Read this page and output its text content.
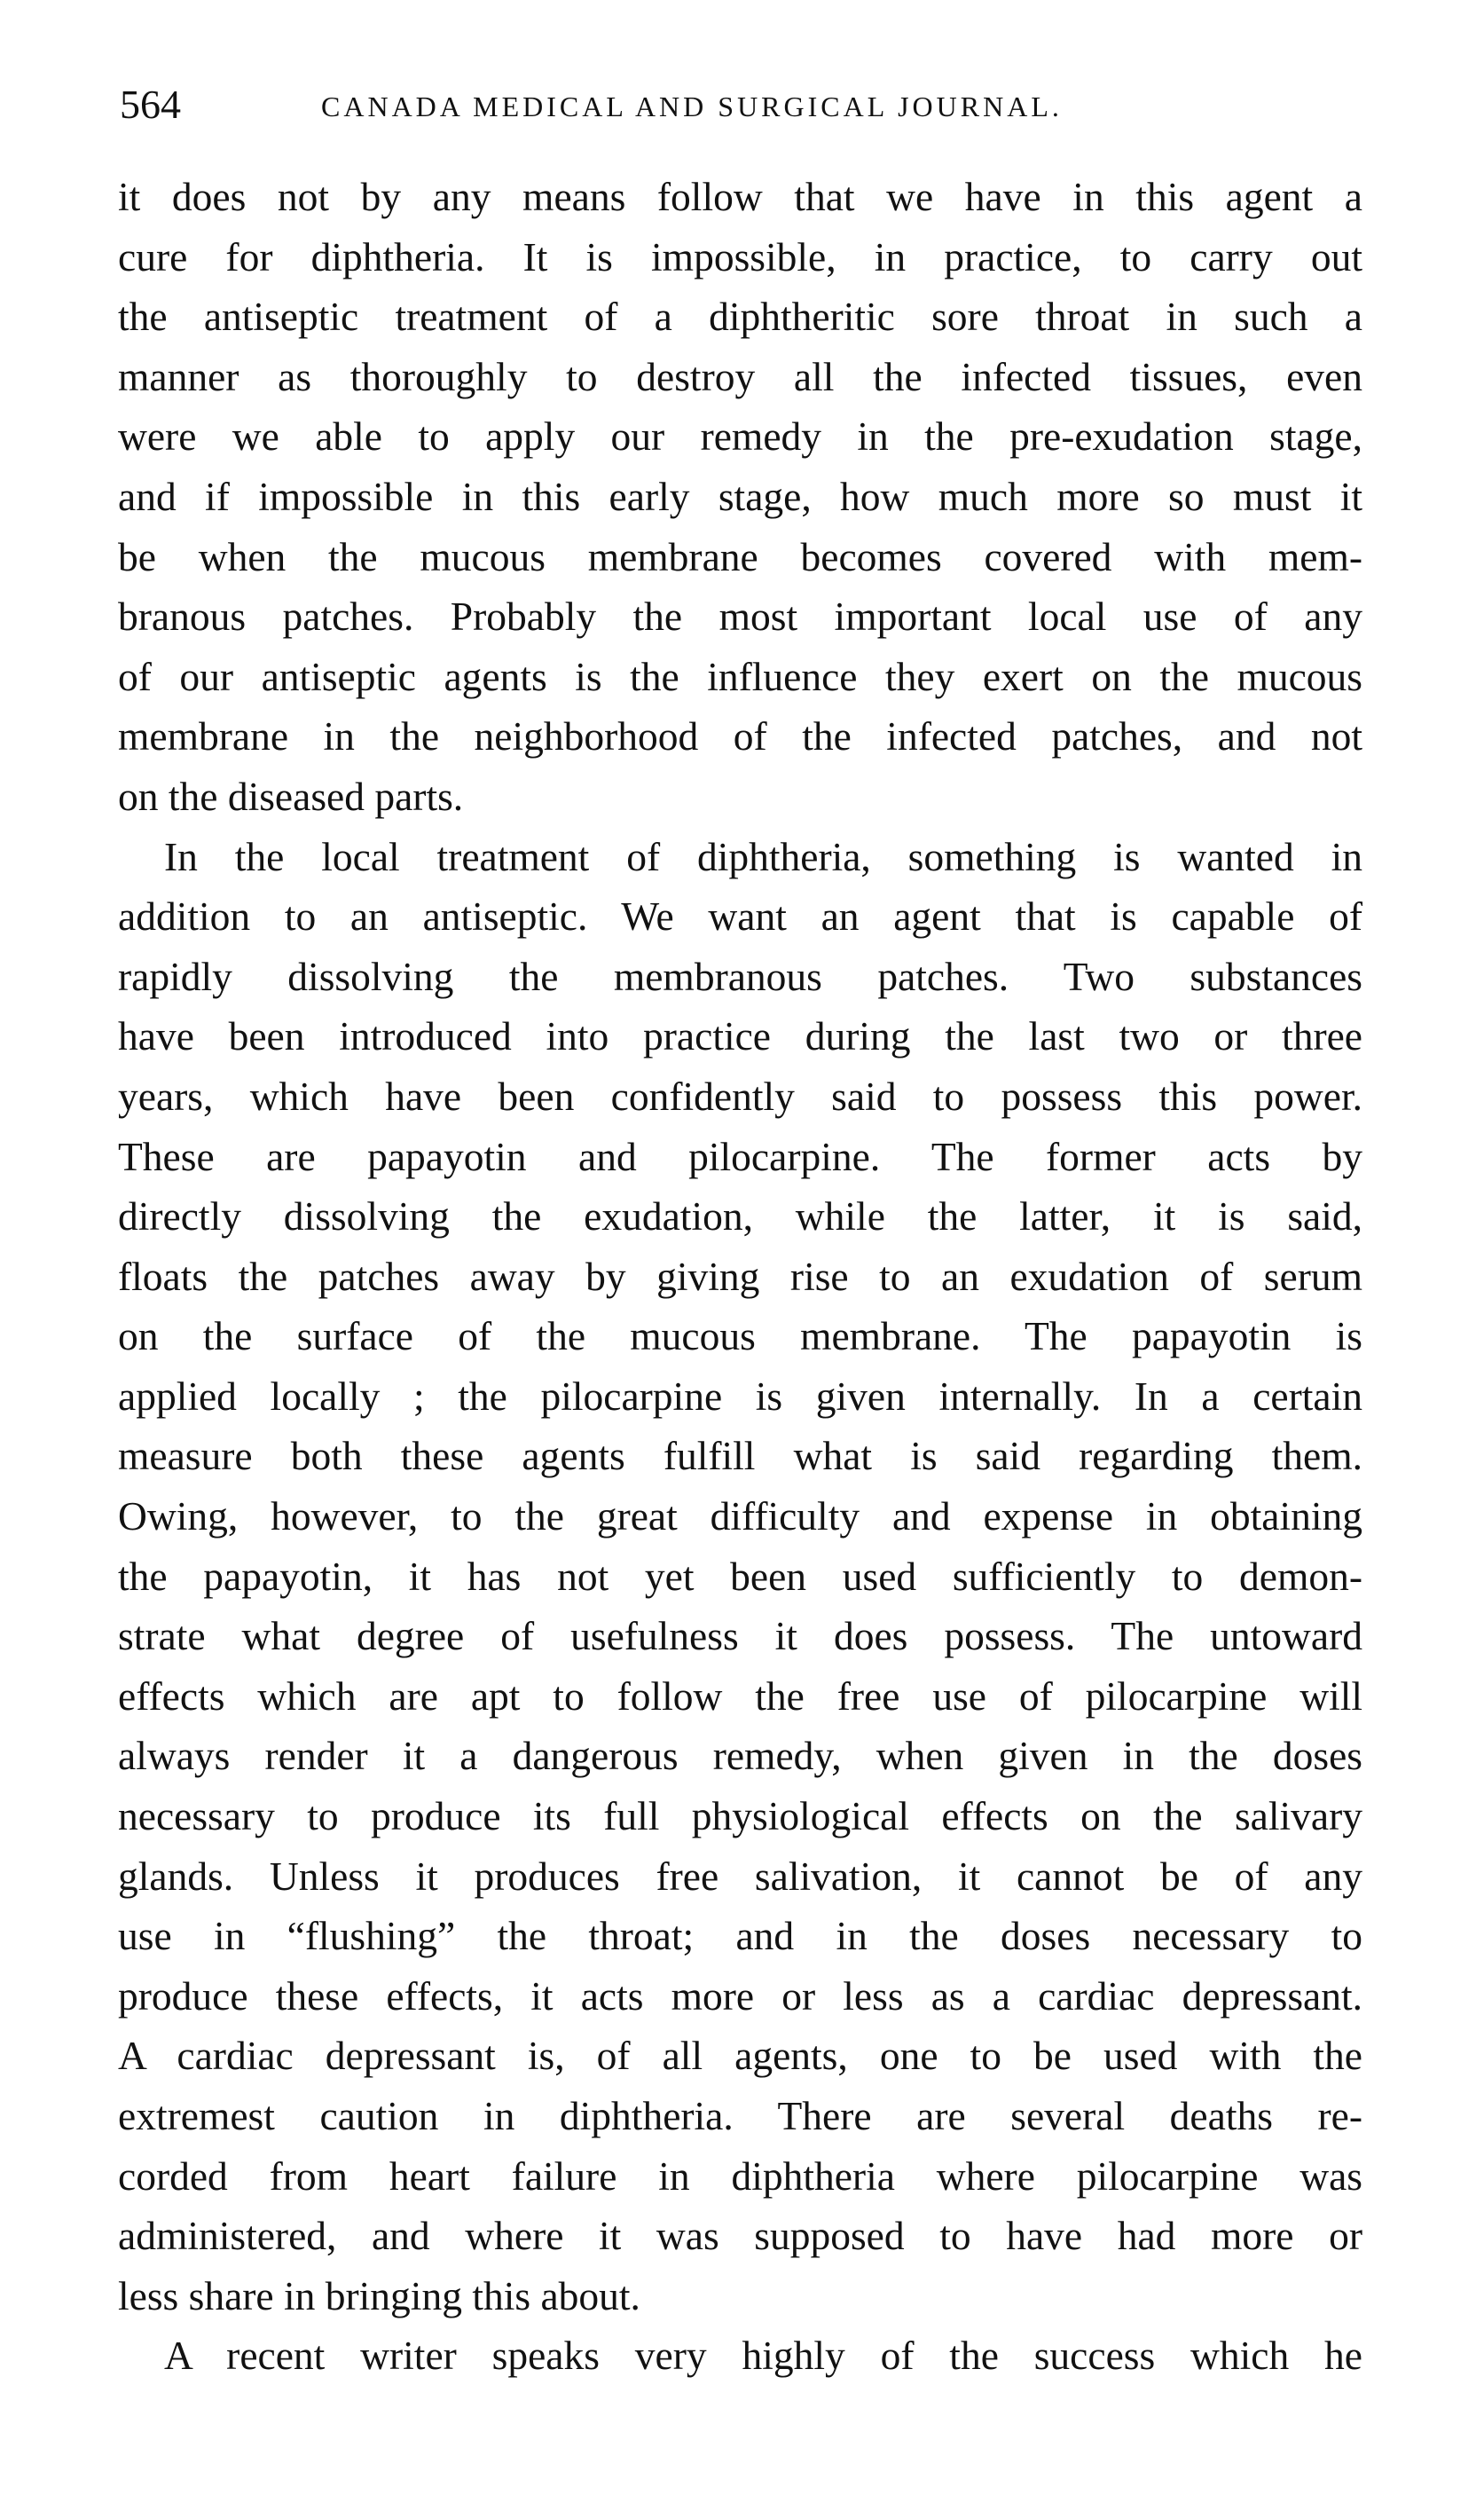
564	CANADA MEDICAL AND SURGICAL JOURNAL.
it does not by any means follow that we have in this agent a
cure for diphtheria. It is impossible, in practice, to carry out
the antiseptic treatment of a diphtheritic sore throat in such a
manner as thoroughly to destroy all the infected tissues, even
were we able to apply our remedy in the pre-exudation stage,
and if impossible in this early stage, how much more so must it
be when the mucous membrane becomes covered with mem-
branous patches. Probably the most important local use of any
of our antiseptic agents is the influence they exert on the mucous
membrane in the neighborhood of the infected patches, and not
on the diseased parts.
In the local treatment of diphtheria, something is wanted in
addition to an antiseptic. We want an agent that is capable of
rapidly dissolving the membranous patches. Two substances
have been introduced into practice during the last two or three
years, which have been confidently said to possess this power.
These are papayotin and pilocarpine. The former acts by
directly dissolving the exudation, while the latter, it is said,
floats the patches away by giving rise to an exudation of serum
on the surface of the mucous membrane. The papayotin is
applied locally ; the pilocarpine is given internally. In a certain
measure both these agents fulfill what is said regarding them.
Owing, however, to the great difficulty and expense in obtaining
the papayotin, it has not yet been used sufficiently to demon-
strate what degree of usefulness it does possess. The untoward
effects which are apt to follow the free use of pilocarpine will
always render it a dangerous remedy, when given in the doses
necessary to produce its full physiological effects on the salivary
glands. Unless it produces free salivation, it cannot be of any
use in “flushing” the throat; and in the doses necessary to
produce these effects, it acts more or less as a cardiac depressant.
A cardiac depressant is, of all agents, one to be used with the
extremest caution in diphtheria. There are several deaths re-
corded from heart failure in diphtheria where pilocarpine was
administered, and where it was supposed to have had more or
less share in bringing this about.
A recent writer speaks very highly of the success which he
